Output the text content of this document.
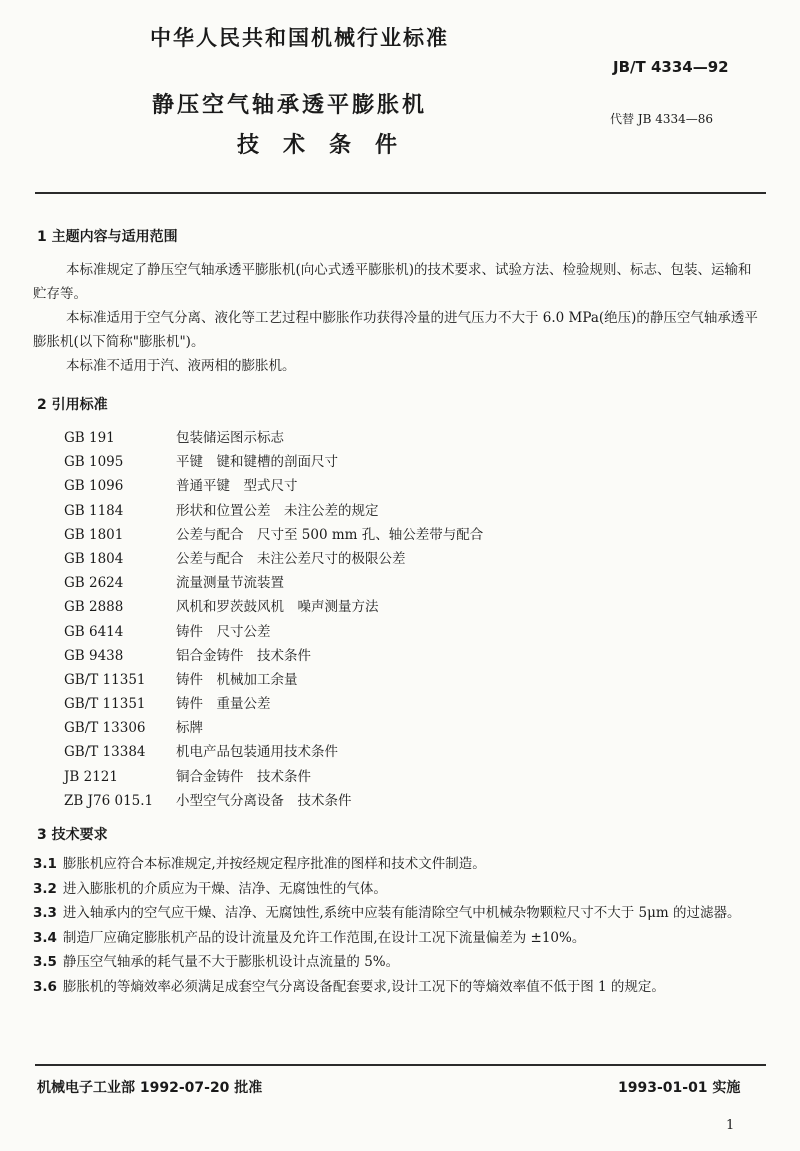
中华人民共和国机械行业标准
JB/T 4334—92
静压空气轴承透平膨胀机
技术条件
代替 JB 4334—86
1 主题内容与适用范围

本标准规定了静压空气轴承透平膨胀机(向心式透平膨胀机)的技术要求、试验方法、检验规则、标志、包装、运输和贮存等。

本标准适用于空气分离、液化等工艺过程中膨胀作功获得冷量的进气压力不大于 6.0 MPa(绝压)的静压空气轴承透平膨胀机(以下简称"膨胀机")。

本标准不适用于汽、液两相的膨胀机。

2 引用标准
GB 191	包装储运图示标志
GB 1095	平键　键和键槽的剖面尺寸
GB 1096	普通平键　型式尺寸
GB 1184	形状和位置公差　未注公差的规定
GB 1801	公差与配合　尺寸至 500 mm 孔、轴公差带与配合
GB 1804	公差与配合　未注公差尺寸的极限公差
GB 2624	流量测量节流装置
GB 2888	风机和罗茨鼓风机　噪声测量方法
GB 6414	铸件　尺寸公差
GB 9438	铝合金铸件　技术条件
GB/T 11351 铸件　机械加工余量
GB/T 11351 铸件　重量公差
GB/T 13306 标牌
GB/T 13384 机电产品包装通用技术条件
JB 2121	铜合金铸件　技术条件
ZB J76 015.1 小型空气分离设备　技术条件
3 技术要求

3.1 膨胀机应符合本标准规定,并按经规定程序批准的图样和技术文件制造。

3.2 进入膨胀机的介质应为干燥、洁净、无腐蚀性的气体。

3.3 进入轴承内的空气应干燥、洁净、无腐蚀性,系统中应装有能清除空气中机械杂物颗粒尺寸不大于 5μm 的过滤器。

3.4 制造厂应确定膨胀机产品的设计流量及允许工作范围,在设计工况下流量偏差为 ±10%。

3.5 静压空气轴承的耗气量不大于膨胀机设计点流量的 5%。

3.6 膨胀机的等熵效率必须满足成套空气分离设备配套要求,设计工况下的等熵效率值不低于图 1 的规定。

机械电子工业部 1992-07-20 批准	1993-01-01 实施
1
